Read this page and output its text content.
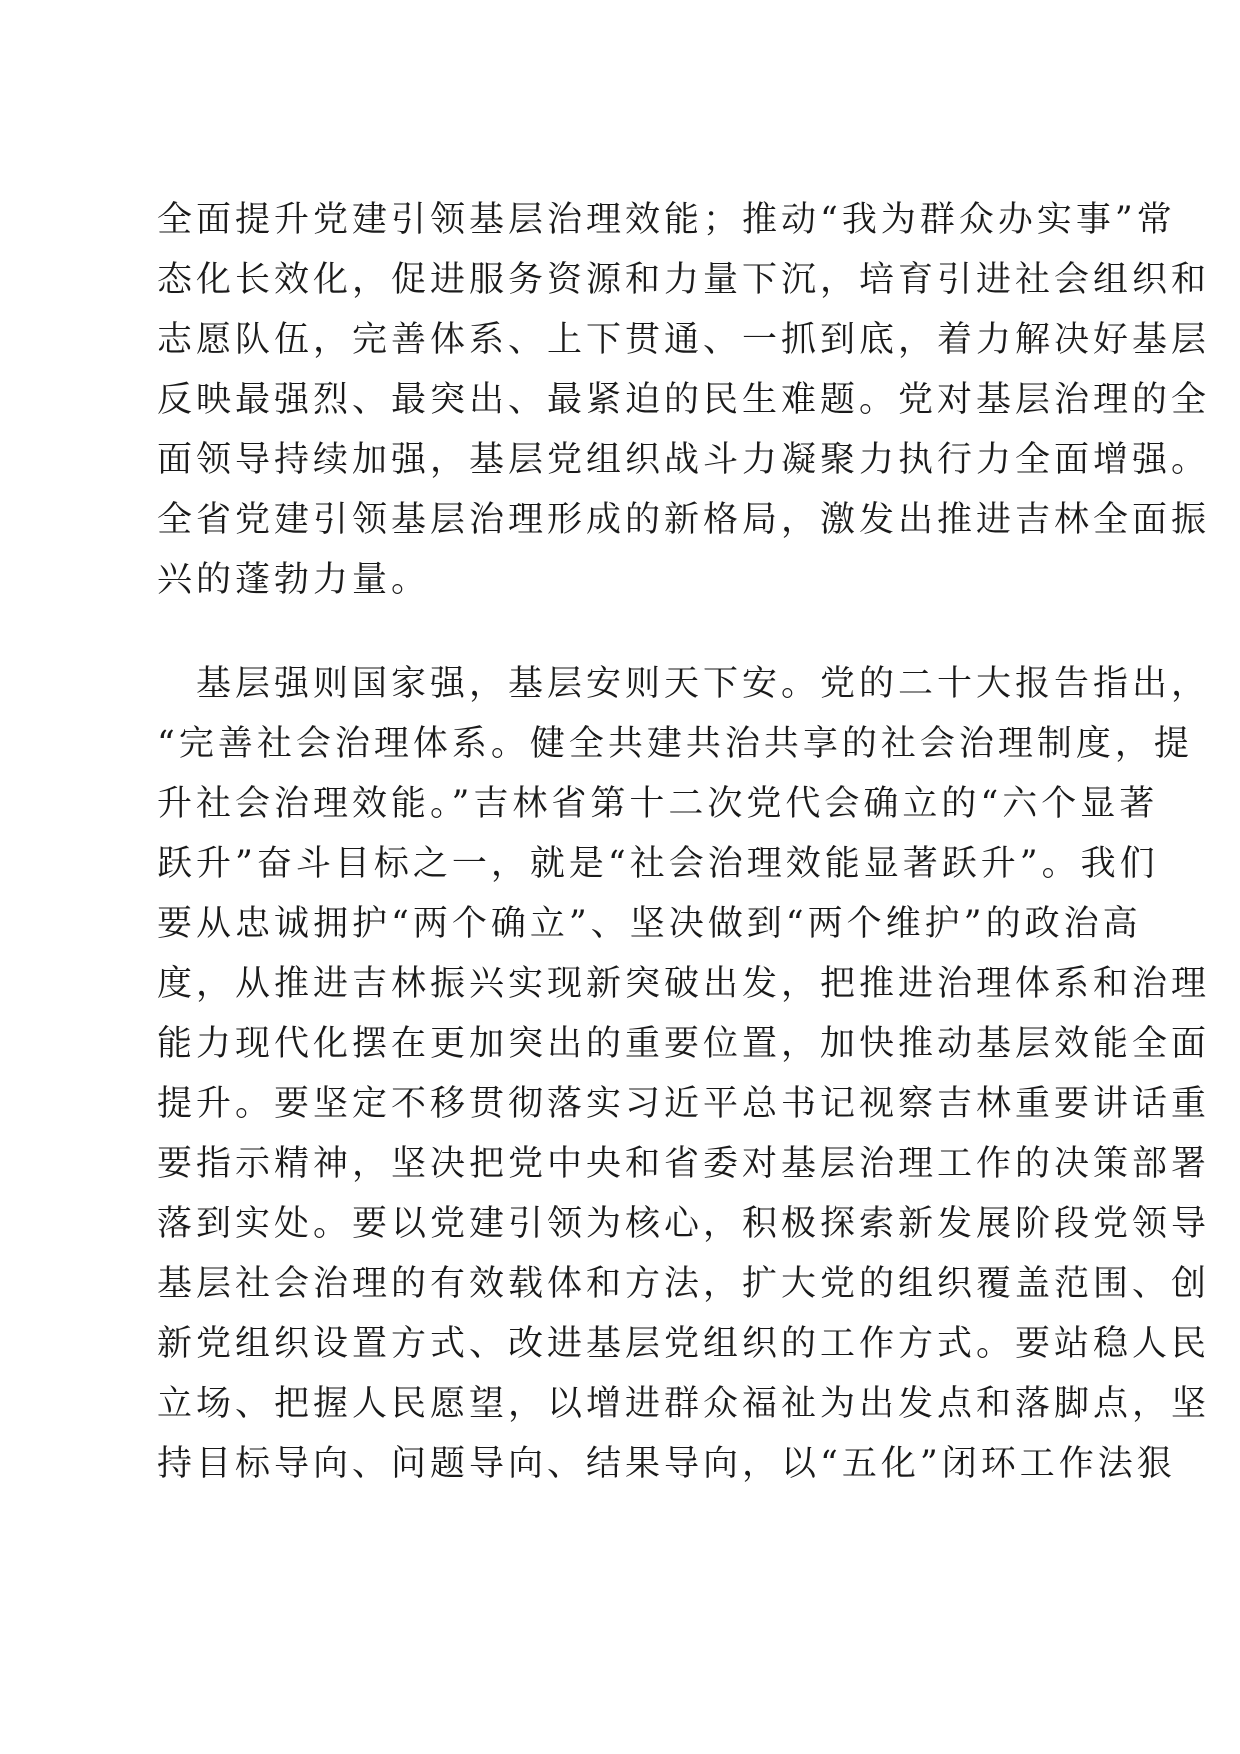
全面提升党建引领基层治理效能；推动“我为群众办实事”常
态化长效化，促进服务资源和力量下沉，培育引进社会组织和
志愿队伍，完善体系、上下贯通、一抓到底，着力解决好基层
反映最强烈、最突出、最紧迫的民生难题。党对基层治理的全
面领导持续加强，基层党组织战斗力凝聚力执行力全面增强。
全省党建引领基层治理形成的新格局，激发出推进吉林全面振
兴的蓬勃力量。
　基层强则国家强，基层安则天下安。党的二十大报告指出，
“完善社会治理体系。健全共建共治共享的社会治理制度，提
升社会治理效能。”吉林省第十二次党代会确立的“六个显著
跃升”奋斗目标之一，就是“社会治理效能显著跃升”。我们
要从忠诚拥护“两个确立”、坚决做到“两个维护”的政治高
度，从推进吉林振兴实现新突破出发，把推进治理体系和治理
能力现代化摆在更加突出的重要位置，加快推动基层效能全面
提升。要坚定不移贯彻落实习近平总书记视察吉林重要讲话重
要指示精神，坚决把党中央和省委对基层治理工作的决策部署
落到实处。要以党建引领为核心，积极探索新发展阶段党领导
基层社会治理的有效载体和方法，扩大党的组织覆盖范围、创
新党组织设置方式、改进基层党组织的工作方式。要站稳人民
立场、把握人民愿望，以增进群众福祉为出发点和落脚点，坚
持目标导向、问题导向、结果导向，以“五化”闭环工作法狠
